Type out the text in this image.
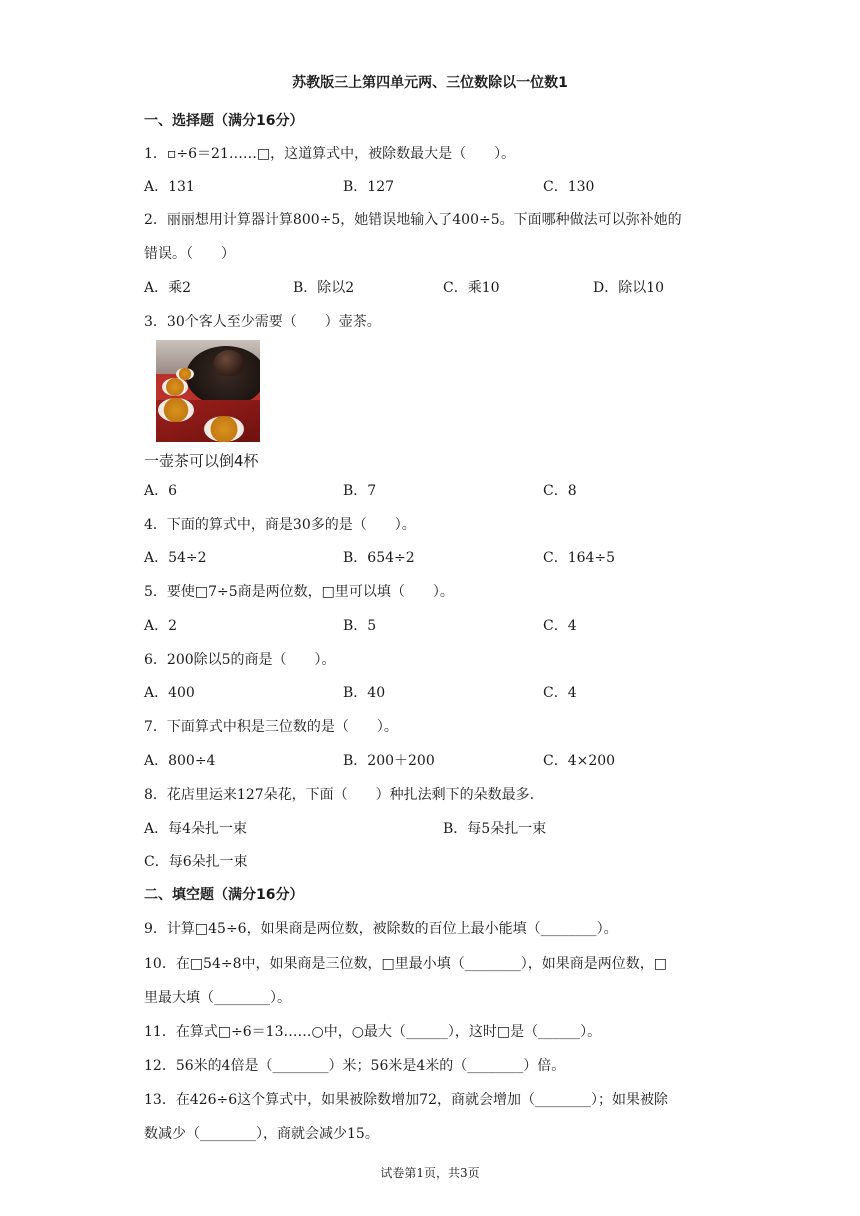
苏教版三上第四单元两、三位数除以一位数1
一、选择题（满分16分）
1．▫÷6＝21……□，这道算式中，被除数最大是（　　）。
A．131	B．127	C．130
2．丽丽想用计算器计算800÷5，她错误地输入了400÷5。下面哪种做法可以弥补她的
错误。（　　）
A．乘2	B．除以2	C．乘10	D．除以10
3．30个客人至少需要（　　）壶茶。
一壶茶可以倒4杯
A．6	B．7	C．8
4．下面的算式中，商是30多的是（　　）。
A．54÷2	B．654÷2	C．164÷5
5．要使□7÷5商是两位数，□里可以填（　　）。
A．2	B．5	C．4
6．200除以5的商是（　　）。
A．400	B．40	C．4
7．下面算式中积是三位数的是（　　）。
A．800÷4	B．200＋200	C．4×200
8．花店里运来127朵花，下面（　　）种扎法剩下的朵数最多.
A．每4朵扎一束	B．每5朵扎一束
C．每6朵扎一束
二、填空题（满分16分）
9．计算□45÷6，如果商是两位数，被除数的百位上最小能填（________）。
10．在□54÷8中，如果商是三位数，□里最小填（________），如果商是两位数，□
里最大填（________）。
11．在算式□÷6＝13……○中，○最大（______），这时□是（______）。
12．56米的4倍是（________）米；56米是4米的（________）倍。
13．在426÷6这个算式中，如果被除数增加72，商就会增加（________）；如果被除
数减少（________），商就会减少15。
试卷第1页，共3页
